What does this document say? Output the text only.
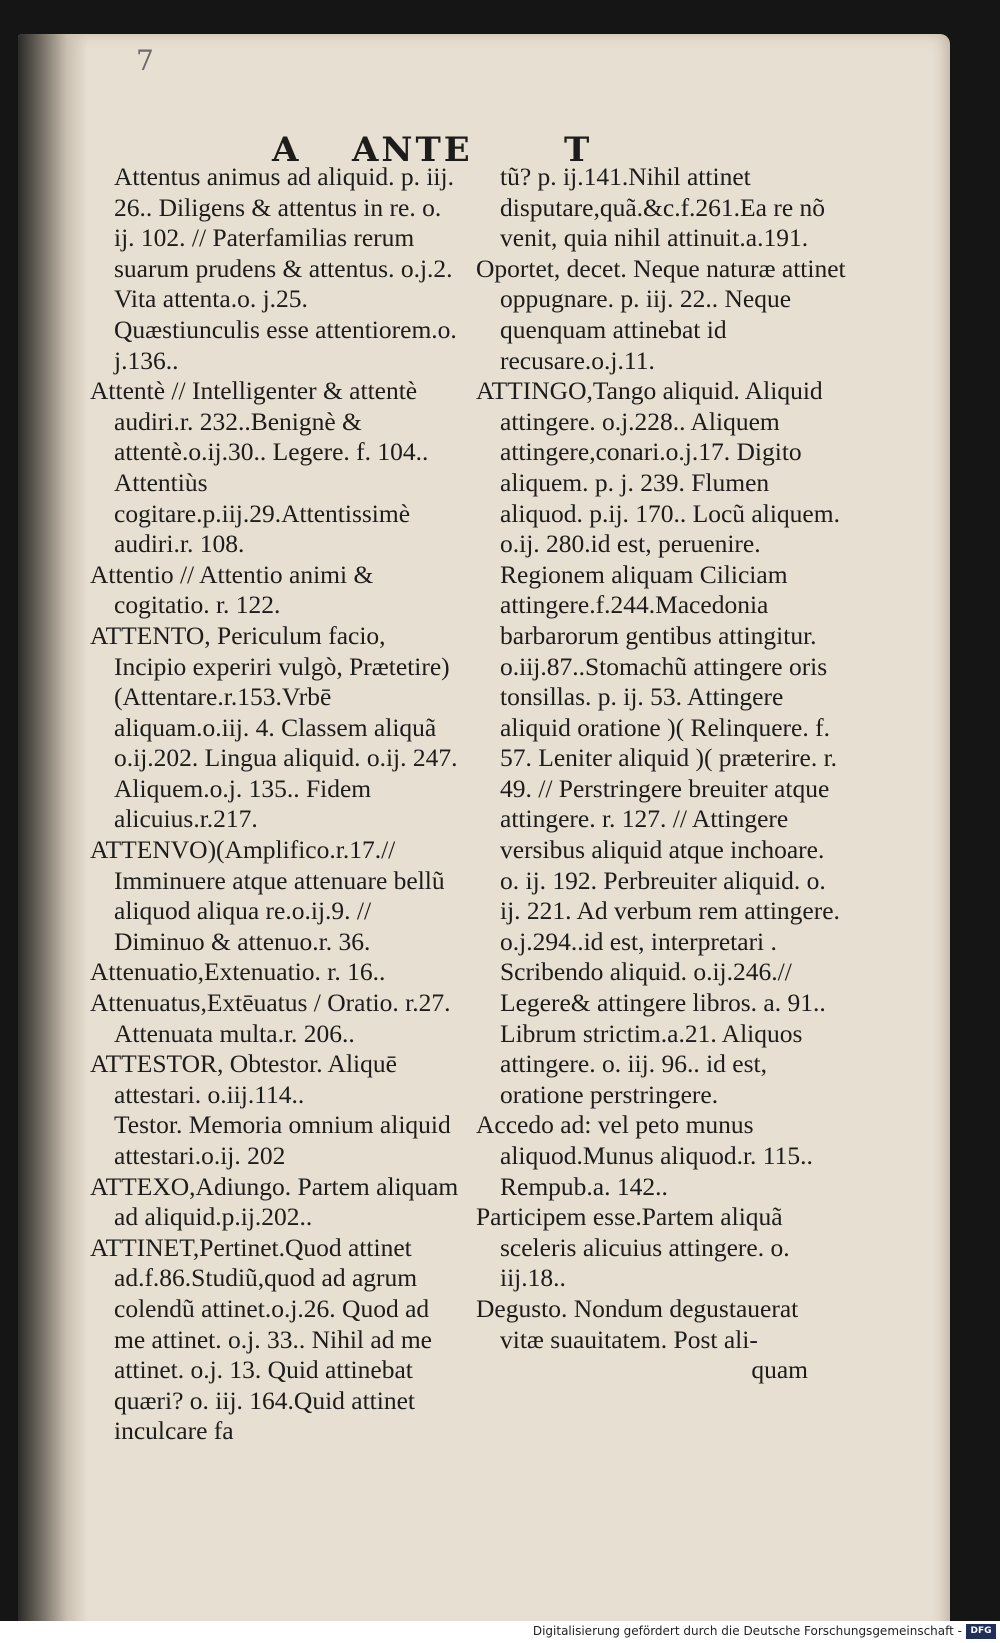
7
A ANTE	T
Attentus animus ad aliquid. p. iij. 26.. Diligens & attentus in re. o. ij. 102. // Paterfamilias rerum suarum prudens & attentus. o.j.2. Vita attenta.o. j.25. Quæstiunculis esse attentiorem.o. j.136..
Attentè // Intelligenter & attentè audiri.r. 232..Benignè & attentè.o.ij.30.. Legere. f. 104.. Attentiùs cogitare.p.iij.29.Attentissimè audiri.r. 108.
Attentio // Attentio animi & cogitatio. r. 122.
ATTENTO, Periculum facio, Incipio experiri vulgò, Prætetire)(Attentare.r.153.Vrbē aliquam.o.iij. 4. Classem aliquã o.ij.202. Lingua aliquid. o.ij. 247. Aliquem.o.j. 135.. Fidem alicuius.r.217.
ATTENVO)(Amplifico.r.17.// Imminuere atque attenuare bellũ aliquod aliqua re.o.ij.9. // Diminuo & attenuo.r. 36.
Attenuatio,Extenuatio. r. 16..
Attenuatus,Extēuatus / Oratio. r.27. Attenuata multa.r. 206..
ATTESTOR, Obtestor. Aliquē attestari. o.iij.114..
Testor. Memoria omnium aliquid attestari.o.ij. 202
ATTEXO,Adiungo. Partem aliquam ad aliquid.p.ij.202..
ATTINET,Pertinet.Quod attinet ad.f.86.Studiũ,quod ad agrum colendũ attinet.o.j.26. Quod ad me attinet. o.j. 33.. Nihil ad me attinet. o.j. 13. Quid attinebat quæri? o. iij. 164.Quid attinet inculcare fa
tũ? p. ij.141.Nihil attinet disputare,quã.&c.f.261.Ea re nõ venit, quia nihil attinuit.a.191.
Oportet, decet. Neque naturæ attinet oppugnare. p. iij. 22.. Neque quenquam attinebat id recusare.o.j.11.
ATTINGO,Tango aliquid. Aliquid attingere. o.j.228.. Aliquem attingere,conari.o.j.17. Digito aliquem. p. j. 239. Flumen aliquod. p.ij. 170.. Locũ aliquem. o.ij. 280.id est, peruenire. Regionem aliquam Ciliciam attingere.f.244.Macedonia barbarorum gentibus attingitur. o.iij.87..Stomachũ attingere oris tonsillas. p. ij. 53. Attingere aliquid oratione )( Relinquere. f. 57. Leniter aliquid )( præterire. r. 49. // Perstringere breuiter atque attingere. r. 127. // Attingere versibus aliquid atque inchoare. o. ij. 192. Perbreuiter aliquid. o. ij. 221. Ad verbum rem attingere. o.j.294..id est, interpretari . Scribendo aliquid. o.ij.246.// Legere& attingere libros. a. 91.. Librum strictim.a.21. Aliquos attingere. o. iij. 96.. id est, oratione perstringere.
Accedo ad: vel peto munus aliquod.Munus aliquod.r. 115.. Rempub.a. 142..
Participem esse.Partem aliquã sceleris alicuius attingere. o. iij.18..
Degusto. Nondum degustauerat vitæ suauitatem. Post ali-
quam
Digitalisierung gefördert durch die Deutsche Forschungsgemeinschaft - DFG
